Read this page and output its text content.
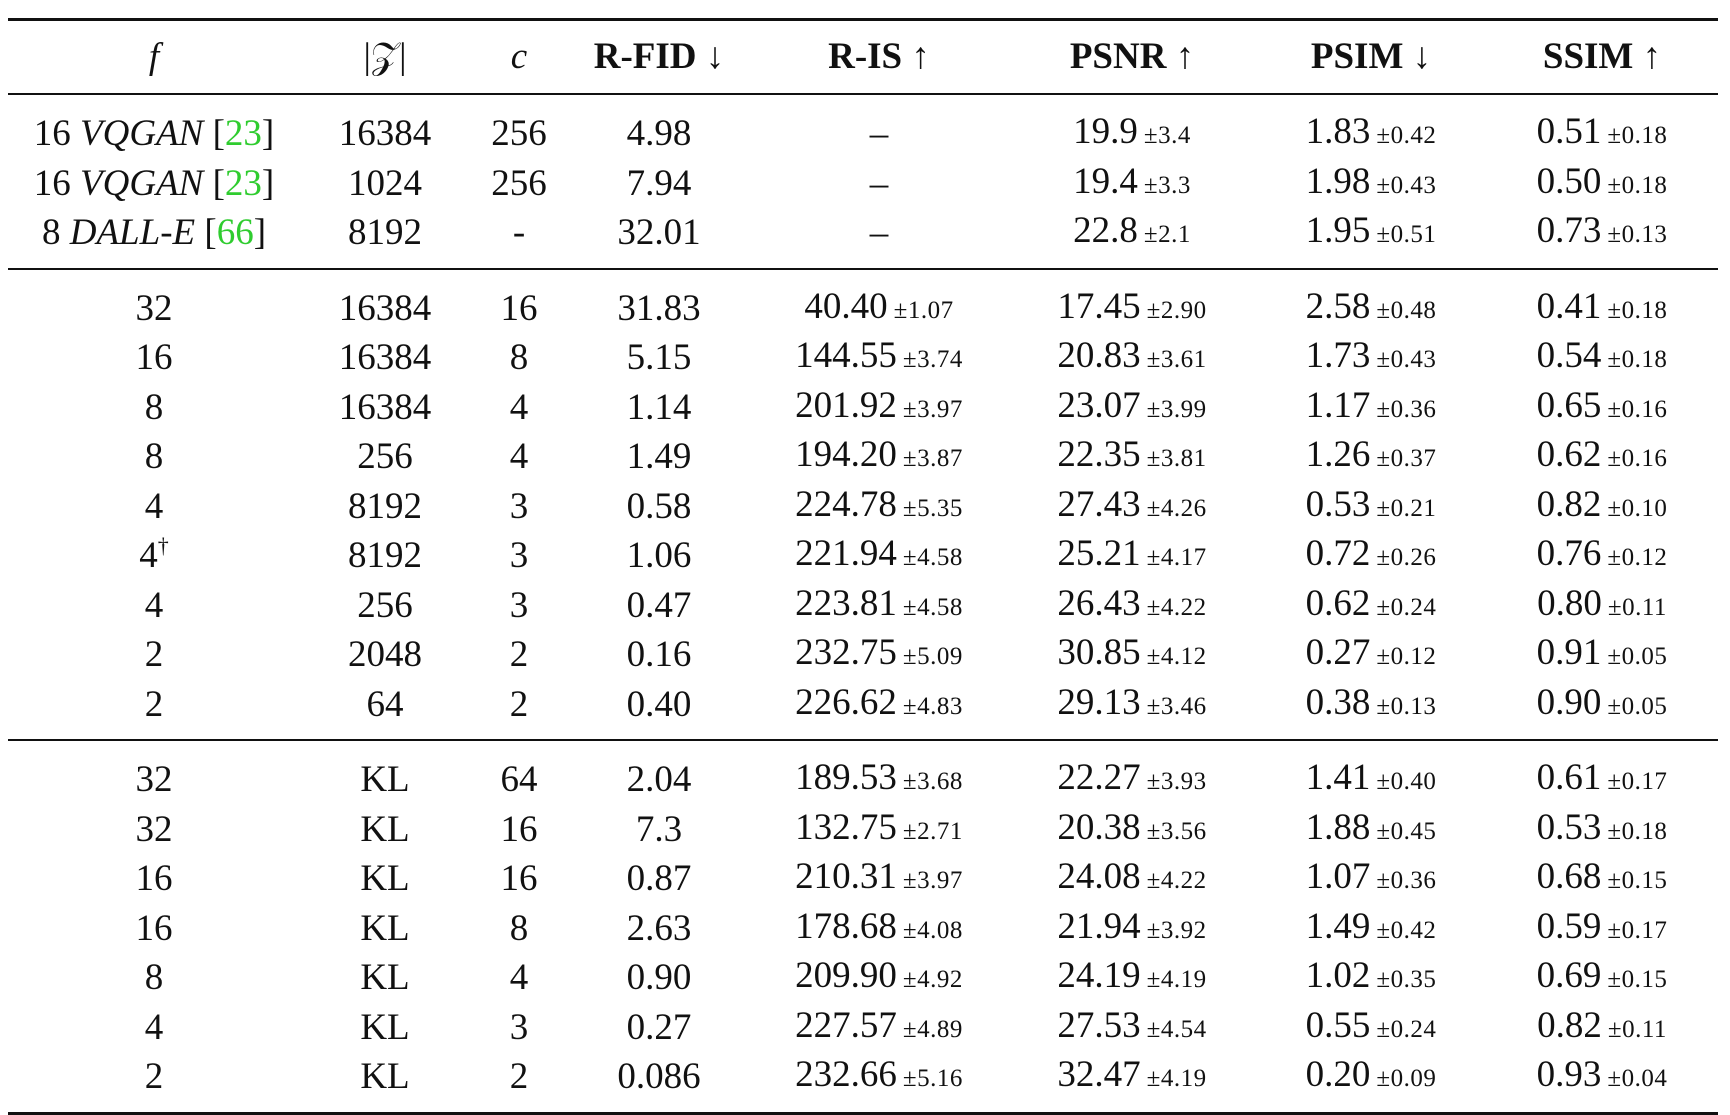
f	|𝒵|	c	R-FID ↓	R-IS ↑	PSNR ↑	PSIM ↓	SSIM ↑
16 VQGAN [23]	16384	256	4.98	–	19.9 ±3.4	1.83 ±0.42	0.51 ±0.18
16 VQGAN [23]	1024	256	7.94	–	19.4 ±3.3	1.98 ±0.43	0.50 ±0.18
8 DALL-E [66]	8192	-	32.01	–	22.8 ±2.1	1.95 ±0.51	0.73 ±0.13
32	16384	16	31.83	40.40 ±1.07	17.45 ±2.90	2.58 ±0.48	0.41 ±0.18
16	16384	8	5.15	144.55 ±3.74	20.83 ±3.61	1.73 ±0.43	0.54 ±0.18
8	16384	4	1.14	201.92 ±3.97	23.07 ±3.99	1.17 ±0.36	0.65 ±0.16
8	256	4	1.49	194.20 ±3.87	22.35 ±3.81	1.26 ±0.37	0.62 ±0.16
4	8192	3	0.58	224.78 ±5.35	27.43 ±4.26	0.53 ±0.21	0.82 ±0.10
4†	8192	3	1.06	221.94 ±4.58	25.21 ±4.17	0.72 ±0.26	0.76 ±0.12
4	256	3	0.47	223.81 ±4.58	26.43 ±4.22	0.62 ±0.24	0.80 ±0.11
2	2048	2	0.16	232.75 ±5.09	30.85 ±4.12	0.27 ±0.12	0.91 ±0.05
2	64	2	0.40	226.62 ±4.83	29.13 ±3.46	0.38 ±0.13	0.90 ±0.05
32	KL	64	2.04	189.53 ±3.68	22.27 ±3.93	1.41 ±0.40	0.61 ±0.17
32	KL	16	7.3	132.75 ±2.71	20.38 ±3.56	1.88 ±0.45	0.53 ±0.18
16	KL	16	0.87	210.31 ±3.97	24.08 ±4.22	1.07 ±0.36	0.68 ±0.15
16	KL	8	2.63	178.68 ±4.08	21.94 ±3.92	1.49 ±0.42	0.59 ±0.17
8	KL	4	0.90	209.90 ±4.92	24.19 ±4.19	1.02 ±0.35	0.69 ±0.15
4	KL	3	0.27	227.57 ±4.89	27.53 ±4.54	0.55 ±0.24	0.82 ±0.11
2	KL	2	0.086	232.66 ±5.16	32.47 ±4.19	0.20 ±0.09	0.93 ±0.04
